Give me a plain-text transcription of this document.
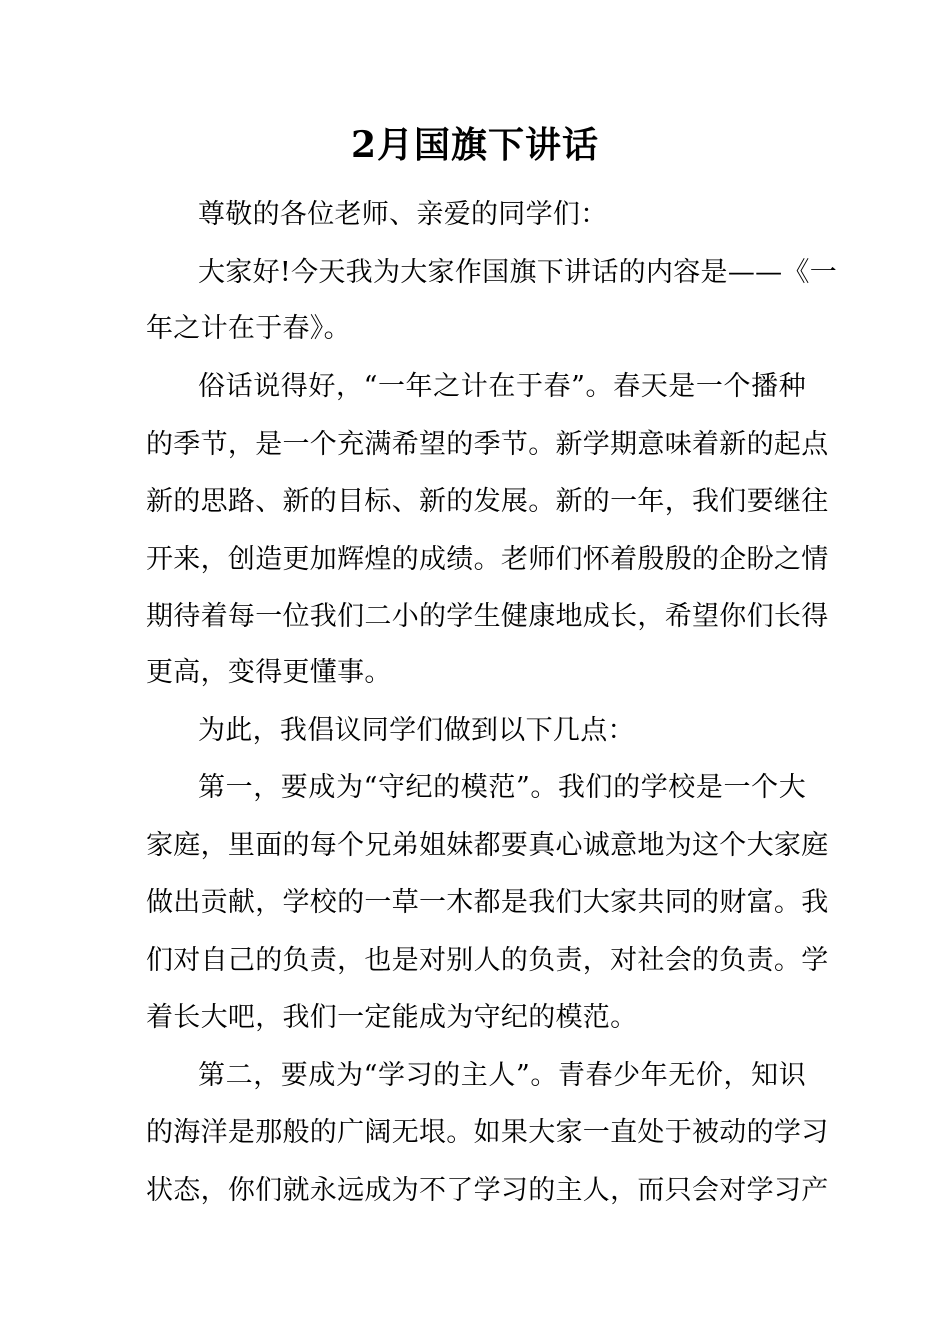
2月国旗下讲话
尊敬的各位老师、亲爱的同学们：
大家好!今天我为大家作国旗下讲话的内容是——《一
年之计在于春》。
俗话说得好，“一年之计在于春”。春天是一个播种
的季节，是一个充满希望的季节。新学期意味着新的起点
新的思路、新的目标、新的发展。新的一年，我们要继往
开来，创造更加辉煌的成绩。老师们怀着殷殷的企盼之情
期待着每一位我们二小的学生健康地成长，希望你们长得
更高，变得更懂事。
为此，我倡议同学们做到以下几点：
第一，要成为“守纪的模范”。我们的学校是一个大
家庭，里面的每个兄弟姐妹都要真心诚意地为这个大家庭
做出贡献，学校的一草一木都是我们大家共同的财富。我
们对自己的负责，也是对别人的负责，对社会的负责。学
着长大吧，我们一定能成为守纪的模范。
第二，要成为“学习的主人”。青春少年无价，知识
的海洋是那般的广阔无垠。如果大家一直处于被动的学习
状态，你们就永远成为不了学习的主人，而只会对学习产
